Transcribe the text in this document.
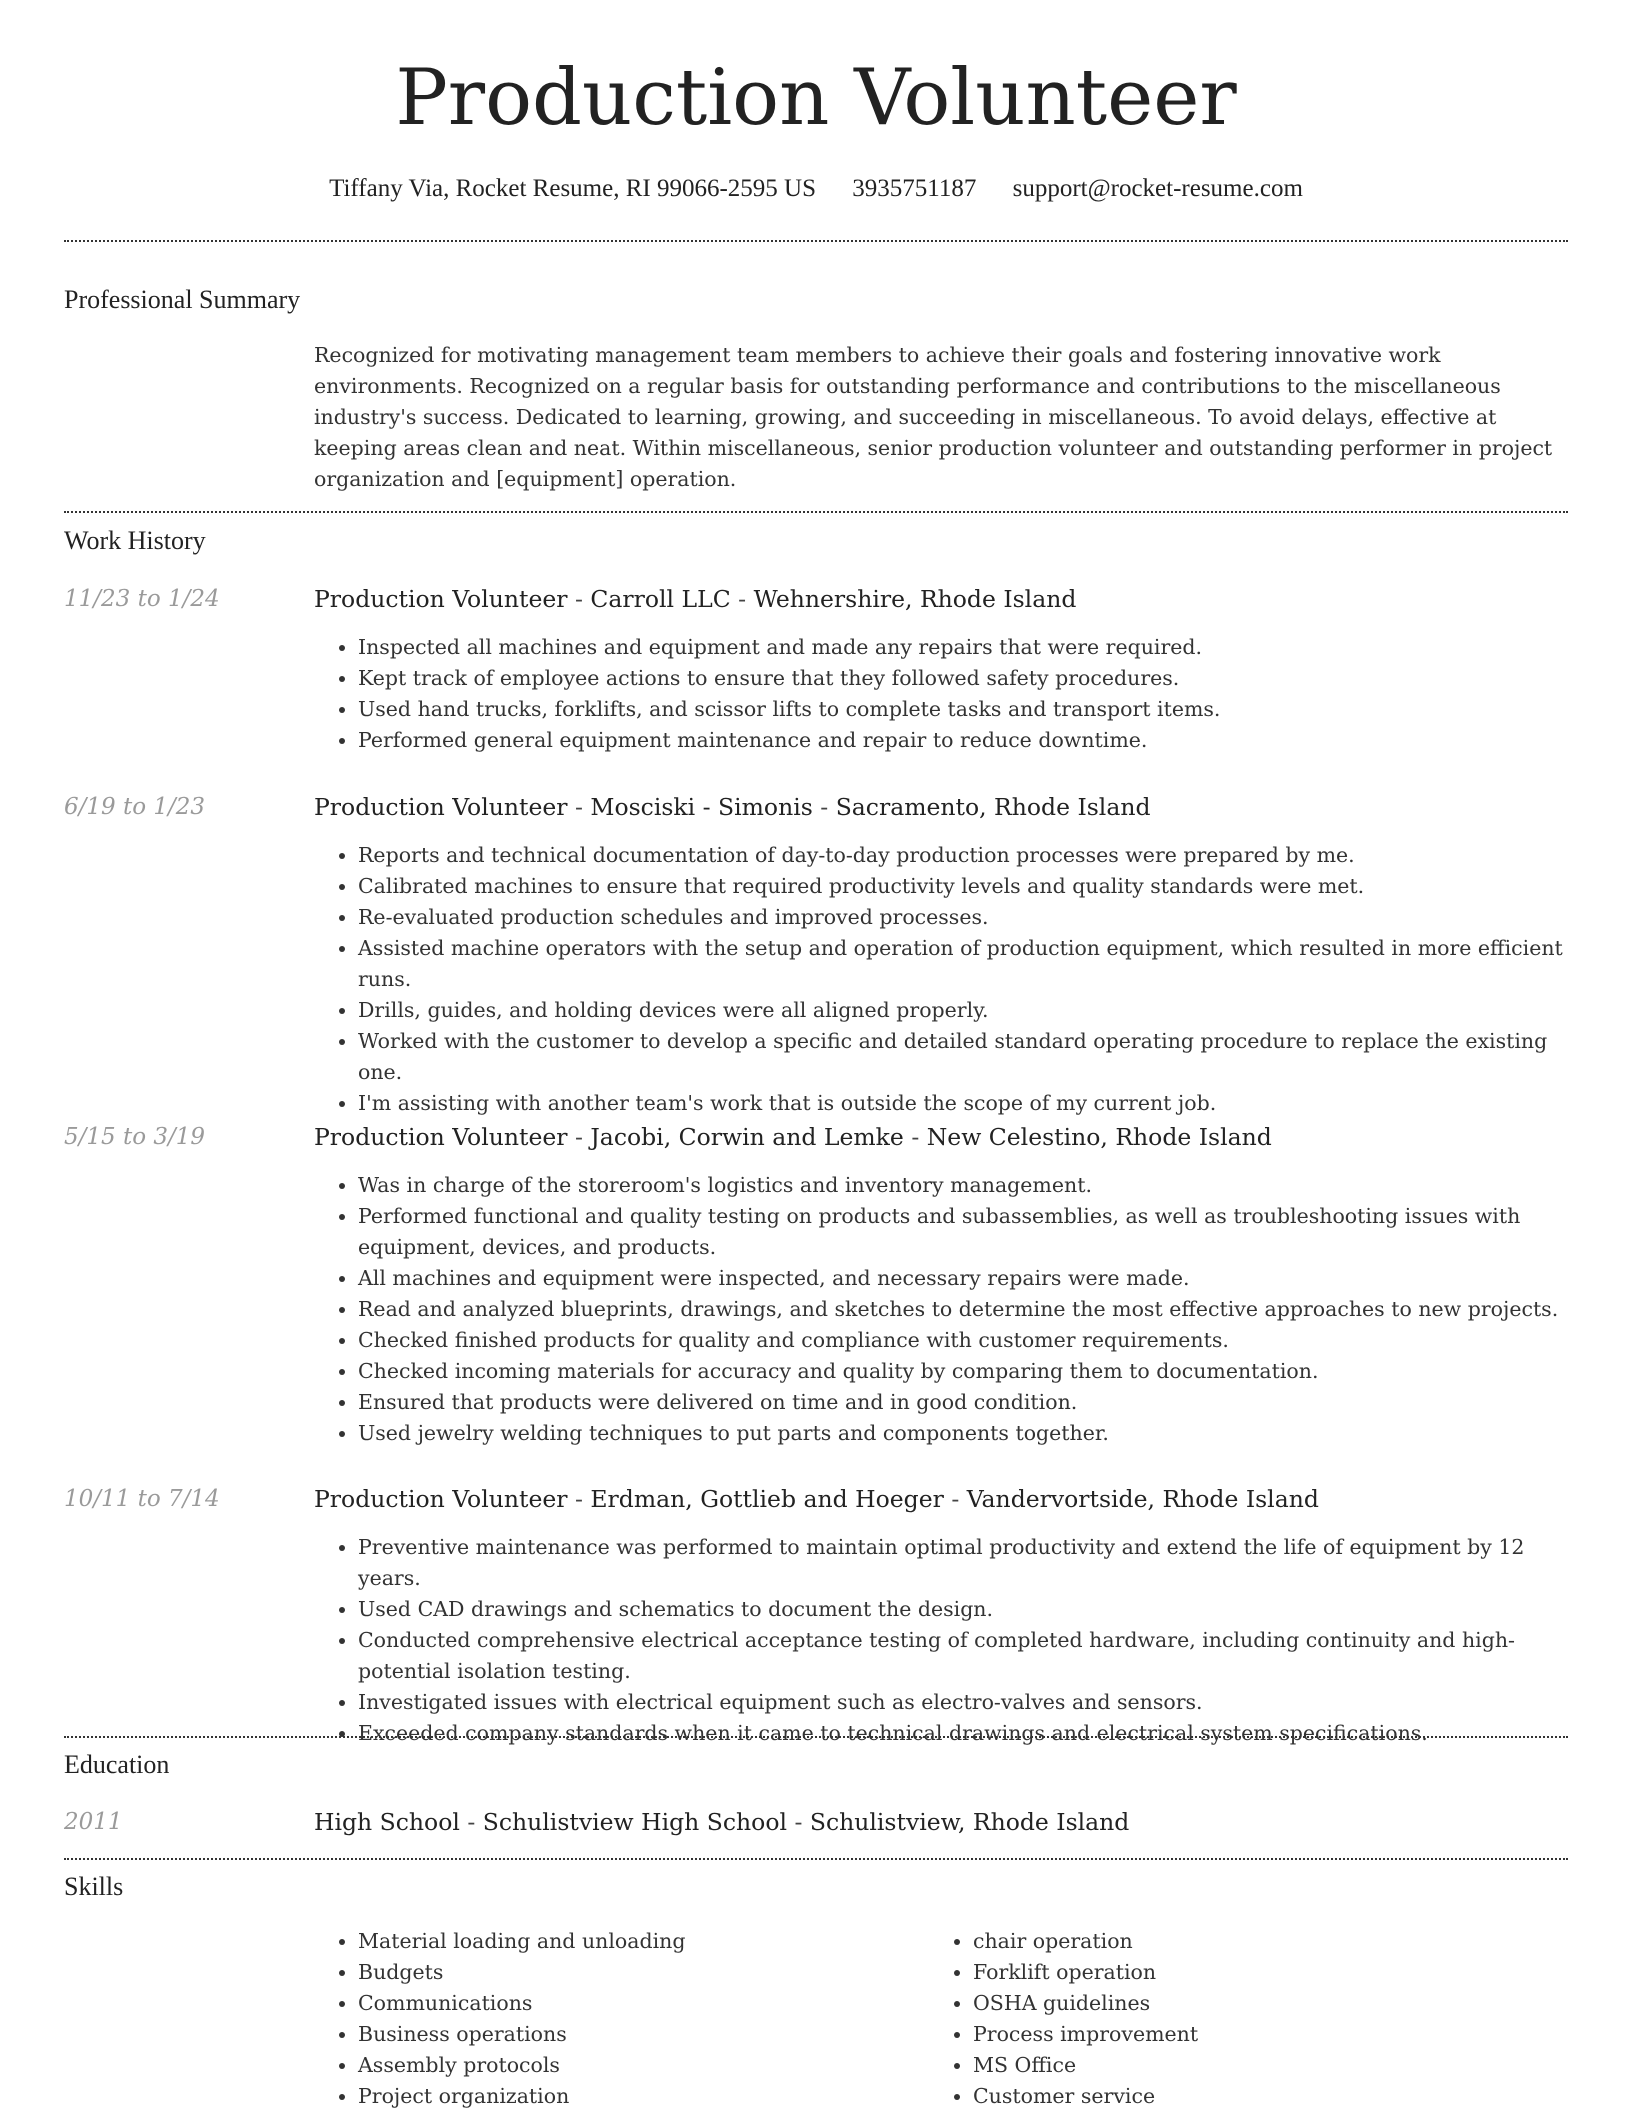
Production Volunteer
Tiffany Via, Rocket Resume, RI 99066-2595 US 3935751187 support@rocket-resume.com
Professional Summary
Recognized for motivating management team members to achieve their goals and fostering innovative work environments. Recognized on a regular basis for outstanding performance and contributions to the miscellaneous industry's success. Dedicated to learning, growing, and succeeding in miscellaneous. To avoid delays, effective at keeping areas clean and neat. Within miscellaneous, senior production volunteer and outstanding performer in project organization and [equipment] operation.
Work History
11/23 to 1/24	Production Volunteer - Carroll LLC - Wehnershire, Rhode Island
• Inspected all machines and equipment and made any repairs that were required.
• Kept track of employee actions to ensure that they followed safety procedures.
• Used hand trucks, forklifts, and scissor lifts to complete tasks and transport items.
• Performed general equipment maintenance and repair to reduce downtime.
6/19 to 1/23	Production Volunteer - Mosciski - Simonis - Sacramento, Rhode Island
• Reports and technical documentation of day-to-day production processes were prepared by me.
• Calibrated machines to ensure that required productivity levels and quality standards were met.
• Re-evaluated production schedules and improved processes.
• Assisted machine operators with the setup and operation of production equipment, which resulted in more efficient runs.
• Drills, guides, and holding devices were all aligned properly.
• Worked with the customer to develop a specific and detailed standard operating procedure to replace the existing one.
• I'm assisting with another team's work that is outside the scope of my current job.
5/15 to 3/19	Production Volunteer - Jacobi, Corwin and Lemke - New Celestino, Rhode Island
• Was in charge of the storeroom's logistics and inventory management.
• Performed functional and quality testing on products and subassemblies, as well as troubleshooting issues with equipment, devices, and products.
• All machines and equipment were inspected, and necessary repairs were made.
• Read and analyzed blueprints, drawings, and sketches to determine the most effective approaches to new projects.
• Checked finished products for quality and compliance with customer requirements.
• Checked incoming materials for accuracy and quality by comparing them to documentation.
• Ensured that products were delivered on time and in good condition.
• Used jewelry welding techniques to put parts and components together.
10/11 to 7/14	Production Volunteer - Erdman, Gottlieb and Hoeger - Vandervortside, Rhode Island
• Preventive maintenance was performed to maintain optimal productivity and extend the life of equipment by 12 years.
• Used CAD drawings and schematics to document the design.
• Conducted comprehensive electrical acceptance testing of completed hardware, including continuity and high-potential isolation testing.
• Investigated issues with electrical equipment such as electro-valves and sensors.
• Exceeded company standards when it came to technical drawings and electrical system specifications.
Education
2011	High School - Schulistview High School - Schulistview, Rhode Island
Skills
• Material loading and unloading
• Budgets
• Communications
• Business operations
• Assembly protocols
• Project organization
• chair operation
• Forklift operation
• OSHA guidelines
• Process improvement
• MS Office
• Customer service
